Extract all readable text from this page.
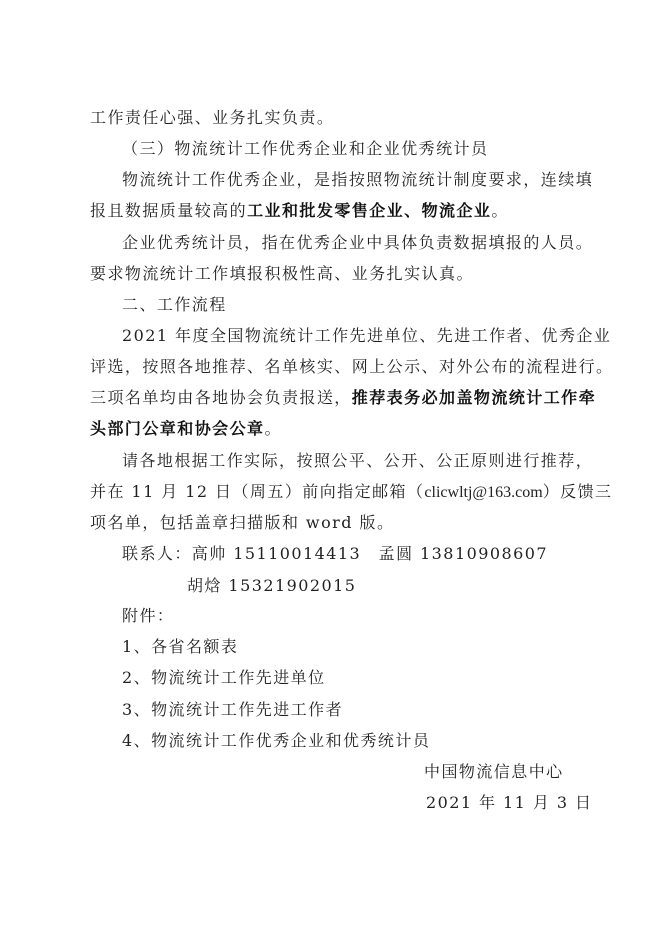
工作责任心强、业务扎实负责。
（三）物流统计工作优秀企业和企业优秀统计员
物流统计工作优秀企业，是指按照物流统计制度要求，连续填
报且数据质量较高的工业和批发零售企业、物流企业。
企业优秀统计员，指在优秀企业中具体负责数据填报的人员。
要求物流统计工作填报积极性高、业务扎实认真。
二、工作流程
2021 年度全国物流统计工作先进单位、先进工作者、优秀企业
评选，按照各地推荐、名单核实、网上公示、对外公布的流程进行。
三项名单均由各地协会负责报送，推荐表务必加盖物流统计工作牵
头部门公章和协会公章。
请各地根据工作实际，按照公平、公开、公正原则进行推荐，
并在 11 月 12 日（周五）前向指定邮箱（clicwltj@163.com）反馈三
项名单，包括盖章扫描版和 word 版。
联系人：高帅 15110014413　孟圆 13810908607
胡焓 15321902015
附件：
1、各省名额表
2、物流统计工作先进单位
3、物流统计工作先进工作者
4、物流统计工作优秀企业和优秀统计员
中国物流信息中心
2021 年 11 月 3 日
